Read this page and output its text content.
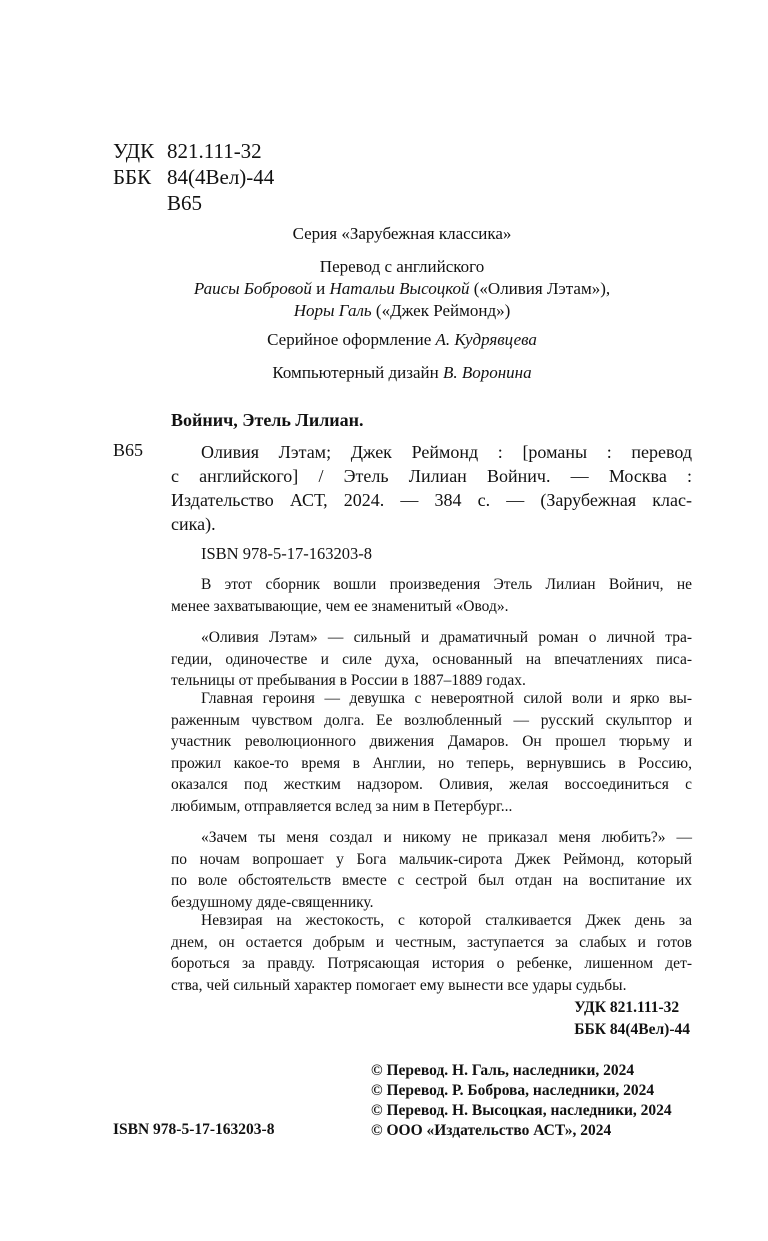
УДК 821.111-32
ББК 84(4Вел)-44
В65
Серия «Зарубежная классика»
Перевод с английского
Раисы Бобровой и Натальи Высоцкой («Оливия Лэтам»),
Норы Галь («Джек Реймонд»)
Серийное оформление А. Кудрявцева
Компьютерный дизайн В. Воронина
Войнич, Этель Лилиан.
В65	Оливия Лэтам; Джек Реймонд : [романы : перевод
с английского] / Этель Лилиан Войнич. — Москва :
Издательство АСТ, 2024. — 384 с. — (Зарубежная клас-
сика).
ISBN 978-5-17-163203-8
В этот сборник вошли произведения Этель Лилиан Войнич, не
менее захватывающие, чем ее знаменитый «Овод».
«Оливия Лэтам» — сильный и драматичный роман о личной тра-
гедии, одиночестве и силе духа, основанный на впечатлениях писа-
тельницы от пребывания в России в 1887–1889 годах.
Главная героиня — девушка с невероятной силой воли и ярко вы-
раженным чувством долга. Ее возлюбленный — русский скульптор и
участник революционного движения Дамаров. Он прошел тюрьму и
прожил какое-то время в Англии, но теперь, вернувшись в Россию,
оказался под жестким надзором. Оливия, желая воссоединиться с
любимым, отправляется вслед за ним в Петербург...
«Зачем ты меня создал и никому не приказал меня любить?» —
по ночам вопрошает у Бога мальчик-сирота Джек Реймонд, который
по воле обстоятельств вместе с сестрой был отдан на воспитание их
бездушному дяде-священнику.
Невзирая на жестокость, с которой сталкивается Джек день за
днем, он остается добрым и честным, заступается за слабых и готов
бороться за правду. Потрясающая история о ребенке, лишенном дет-
ства, чей сильный характер помогает ему вынести все удары судьбы.
УДК 821.111-32
ББК 84(4Вел)-44
© Перевод. Н. Галь, наследники, 2024
© Перевод. Р. Боброва, наследники, 2024
© Перевод. Н. Высоцкая, наследники, 2024
© ООО «Издательство АСТ», 2024
ISBN 978-5-17-163203-8
